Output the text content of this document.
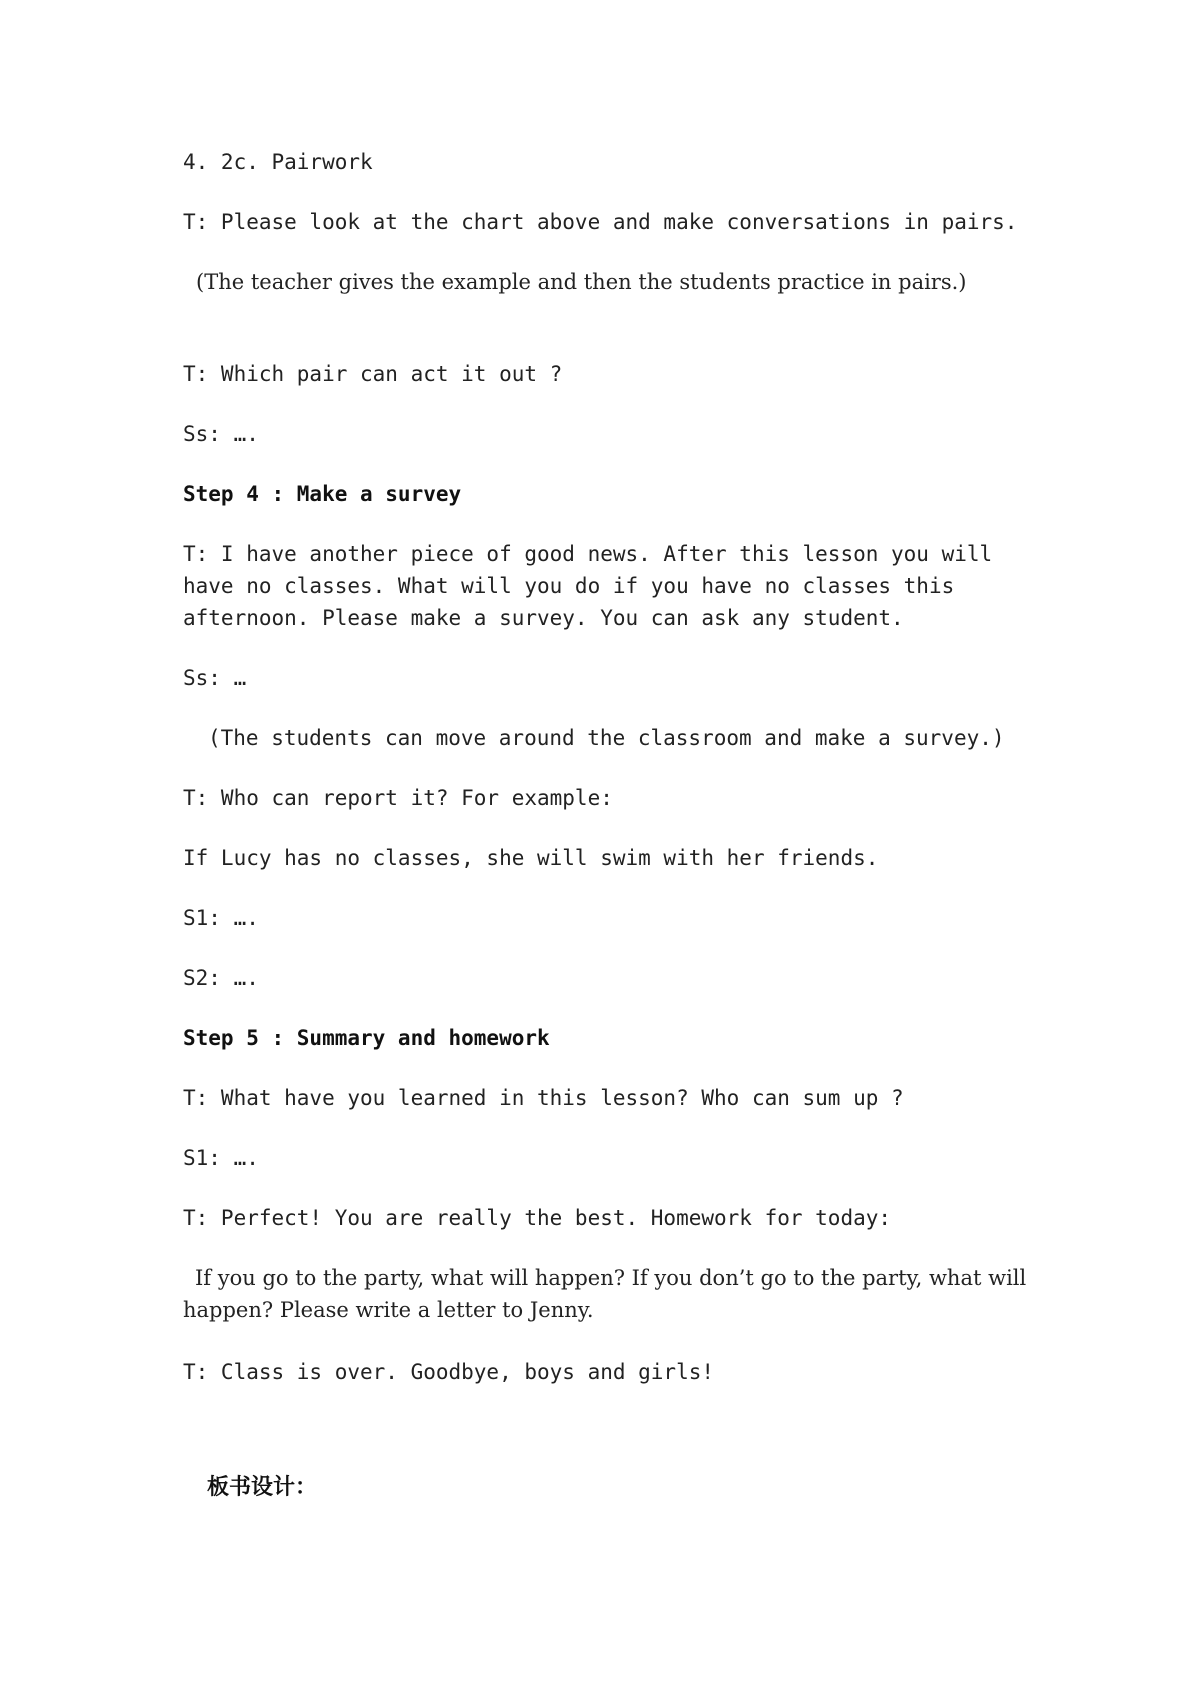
4. 2c. Pairwork
T: Please look at the chart above and make conversations in pairs.
(The teacher gives the example and then the students practice in pairs.)
T: Which pair can act it out ?
Ss: ….
Step 4 : Make a survey
T: I have another piece of good news. After this lesson you will have no classes. What will you do if you have no classes this afternoon. Please make a survey. You can ask any student.
Ss: …
(The students can move around the classroom and make a survey.)
T: Who can report it? For example:
If Lucy has no classes, she will swim with her friends.
S1: ….
S2: ….
Step 5 : Summary and homework
T: What have you learned in this lesson? Who can sum up ?
S1: ….
T: Perfect! You are really the best. Homework for today:
If you go to the party, what will happen? If you don’t go to the party, what will happen? Please write a letter to Jenny.
T: Class is over. Goodbye, boys and girls!
板书设计：
